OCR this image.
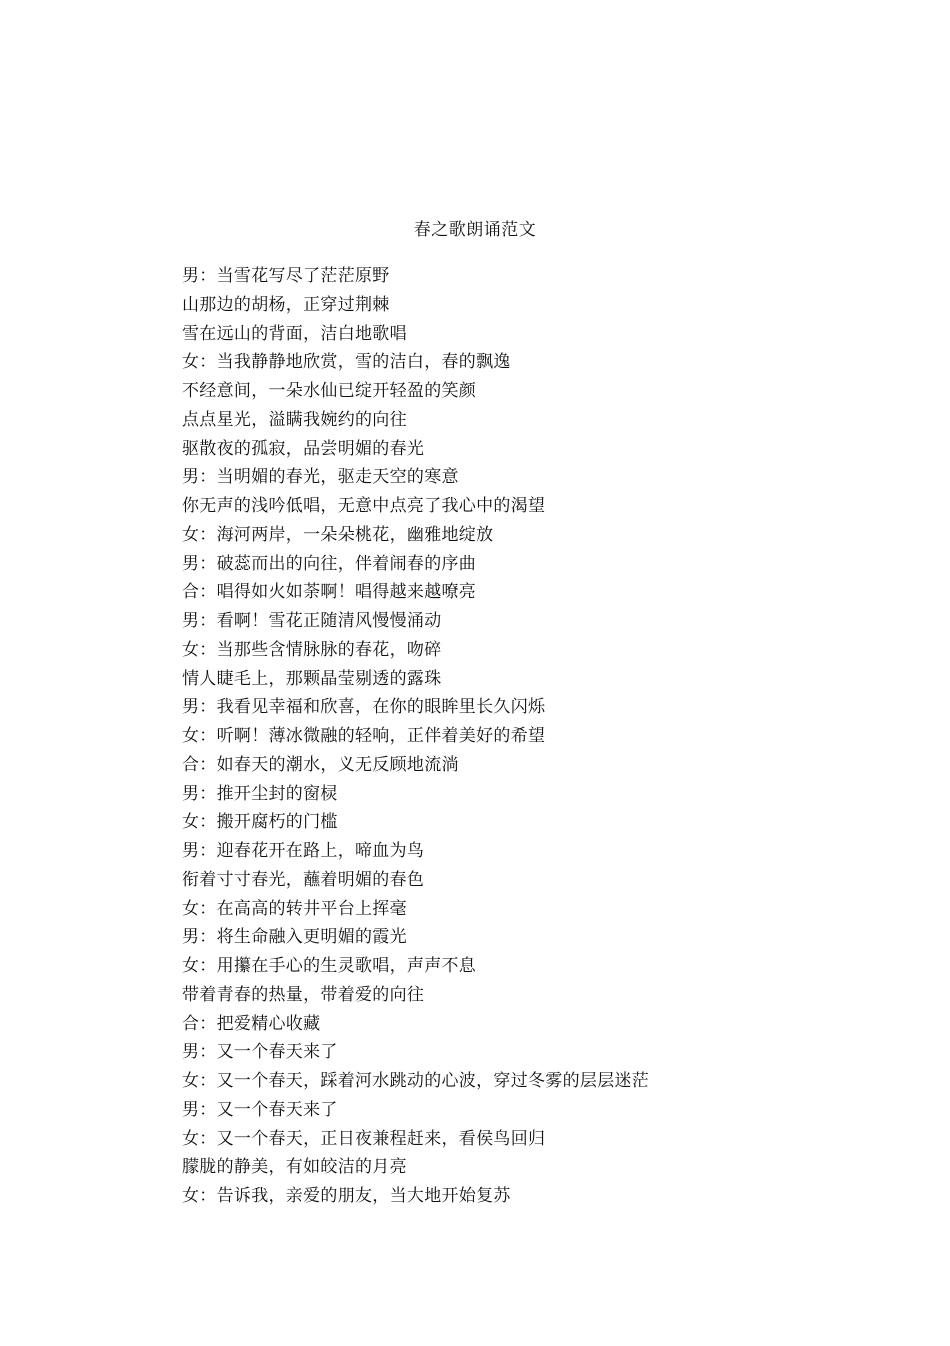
春之歌朗诵范文
男：当雪花写尽了茫茫原野
山那边的胡杨，正穿过荆棘
雪在远山的背面，洁白地歌唱
女：当我静静地欣赏，雪的洁白，春的飘逸
不经意间，一朵水仙已绽开轻盈的笑颜
点点星光，溢瞒我婉约的向往
驱散夜的孤寂，品尝明媚的春光
男：当明媚的春光，驱走天空的寒意
你无声的浅吟低唱，无意中点亮了我心中的渴望
女：海河两岸，一朵朵桃花，幽雅地绽放
男：破蕊而出的向往，伴着闹春的序曲
合：唱得如火如荼啊！唱得越来越嘹亮
男：看啊！雪花正随清风慢慢涌动
女：当那些含情脉脉的春花，吻碎
情人睫毛上，那颗晶莹剔透的露珠
男：我看见幸福和欣喜，在你的眼眸里长久闪烁
女：听啊！薄冰微融的轻响，正伴着美好的希望
合：如春天的潮水，义无反顾地流淌
男：推开尘封的窗棂
女：搬开腐朽的门槛
男：迎春花开在路上，啼血为鸟
衔着寸寸春光，蘸着明媚的春色
女：在高高的转井平台上挥毫
男：将生命融入更明媚的霞光
女：用攥在手心的生灵歌唱，声声不息
带着青春的热量，带着爱的向往
合：把爱精心收藏
男：又一个春天来了
女：又一个春天，踩着河水跳动的心波，穿过冬雾的层层迷茫
男：又一个春天来了
女：又一个春天，正日夜兼程赶来，看侯鸟回归
朦胧的静美，有如皎洁的月亮
女：告诉我，亲爱的朋友，当大地开始复苏
